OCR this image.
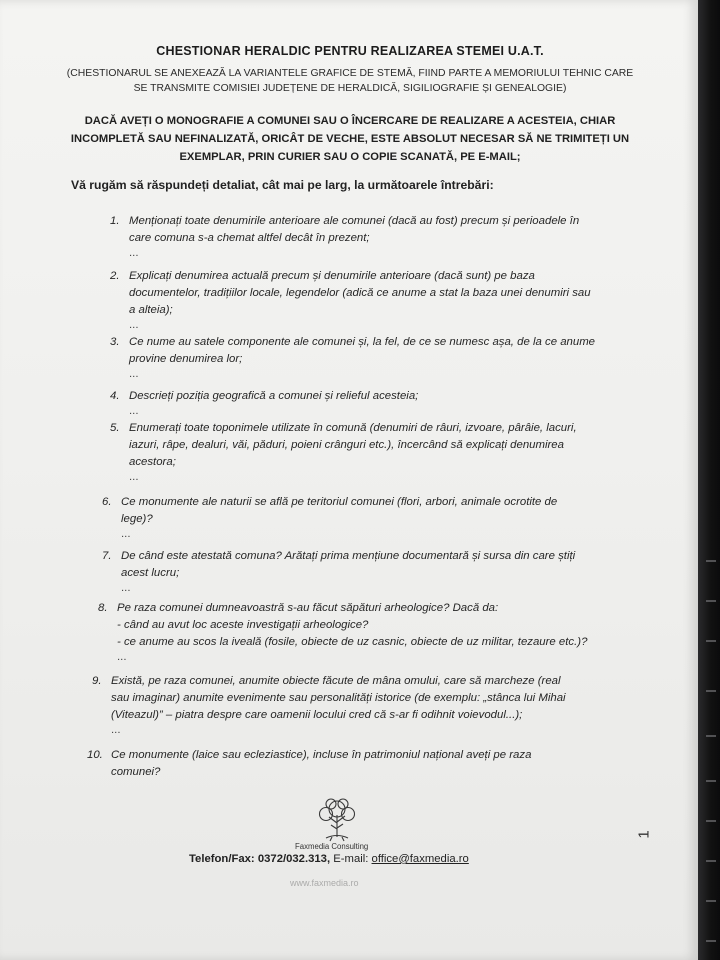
CHESTIONAR HERALDIC PENTRU REALIZAREA STEMEI U.A.T.
(CHESTIONARUL SE ANEXEAZĂ LA VARIANTELE GRAFICE DE STEMĂ, FIIND PARTE A MEMORIULUI TEHNIC CARE
SE TRANSMITE COMISIEI JUDEȚENE DE HERALDICĂ, SIGILIOGRAFIE ȘI GENEALOGIE)
DACĂ AVEȚI O MONOGRAFIE A COMUNEI SAU O ÎNCERCARE DE REALIZARE A ACESTEIA, CHIAR
INCOMPLETĂ SAU NEFINALIZATĂ, ORICÂT DE VECHE, ESTE ABSOLUT NECESAR SĂ NE TRIMITEȚI UN
EXEMPLAR, PRIN CURIER SAU O COPIE SCANATĂ, PE E-MAIL;
Vă rugăm să răspundeți detaliat, cât mai pe larg, la următoarele întrebări:
1. Menționați toate denumirile anterioare ale comunei (dacă au fost) precum și perioadele în
care comuna s-a chemat altfel decât în prezent;
...
2. Explicați denumirea actuală precum și denumirile anterioare (dacă sunt) pe baza
documentelor, tradițiilor locale, legendelor (adică ce anume a stat la baza unei denumiri sau
a alteia);
...
3. Ce nume au satele componente ale comunei și, la fel, de ce se numesc așa, de la ce anume
provine denumirea lor;
...
4. Descrieți poziția geografică a comunei și relieful acesteia;
...
5. Enumerați toate toponimele utilizate în comună (denumiri de râuri, izvoare, pârâie, lacuri,
iazuri, râpe, dealuri, văi, păduri, poieni crânguri etc.), încercând să explicați denumirea
acestora;
...
6. Ce monumente ale naturii se află pe teritoriul comunei (flori, arbori, animale ocrotite de
lege)?
...
7. De când este atestată comuna? Arătați prima mențiune documentară și sursa din care știți
acest lucru;
...
8. Pe raza comunei dumneavoastră s-au făcut săpături arheologice? Dacă da:
- când au avut loc aceste investigații arheologice?
- ce anume au scos la iveală (fosile, obiecte de uz casnic, obiecte de uz militar, tezaure etc.)?
...
9. Există, pe raza comunei, anumite obiecte făcute de mâna omului, care să marcheze (real
sau imaginar) anumite evenimente sau personalități istorice (de exemplu: „stânca lui Mihai
(Viteazul)” – piatra despre care oamenii locului cred că s-ar fi odihnit voievodul...);
...
10. Ce monumente (laice sau ecleziastice), incluse în patrimoniul național aveți pe raza
comunei?
Faxmedia Consulting
Telefon/Fax: 0372/032.313, E-mail: office@faxmedia.ro
www.faxmedia.ro
1
